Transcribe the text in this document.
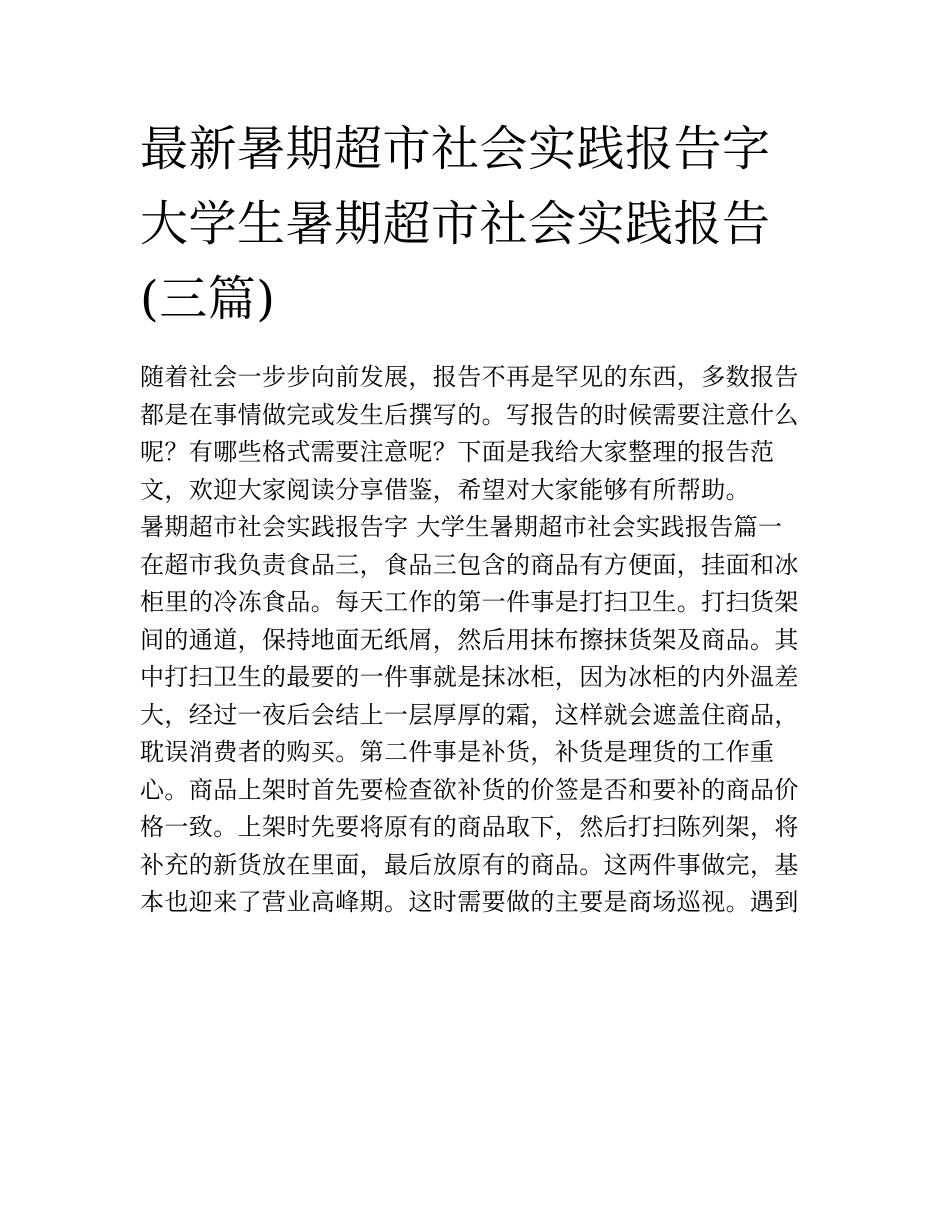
最新暑期超市社会实践报告字
大学生暑期超市社会实践报告
(三篇)

随着社会一步步向前发展，报告不再是罕见的东西，多数报告
都是在事情做完或发生后撰写的。写报告的时候需要注意什么
呢？有哪些格式需要注意呢？下面是我给大家整理的报告范
文，欢迎大家阅读分享借鉴，希望对大家能够有所帮助。

暑期超市社会实践报告字 大学生暑期超市社会实践报告篇一

在超市我负责食品三，食品三包含的商品有方便面，挂面和冰
柜里的冷冻食品。每天工作的第一件事是打扫卫生。打扫货架
间的通道，保持地面无纸屑，然后用抹布擦抹货架及商品。其
中打扫卫生的最要的一件事就是抹冰柜，因为冰柜的内外温差
大，经过一夜后会结上一层厚厚的霜，这样就会遮盖住商品，
耽误消费者的购买。第二件事是补货，补货是理货的工作重
心。商品上架时首先要检查欲补货的价签是否和要补的商品价
格一致。上架时先要将原有的商品取下，然后打扫陈列架，将
补充的新货放在里面，最后放原有的商品。这两件事做完，基
本也迎来了营业高峰期。这时需要做的主要是商场巡视。遇到
